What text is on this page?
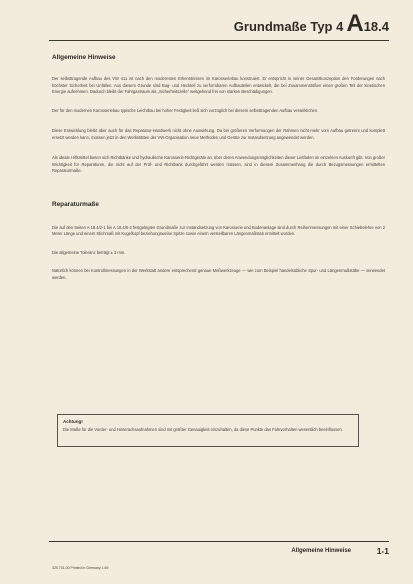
Grundmaße Typ 4 A 18.4

Allgemeine Hinweise

Der selbsttragende Aufbau des VW 411 ist nach den modernsten Erkenntnissen im Karosseriebau konstruiert. Er entspricht in seiner Gesamtkonzeption den Forderungen nach höchster Sicherheit bei Unfällen. Aus diesem Grunde sind Bug- und Heckteil zu verformbaren Aufbauteilen entwickelt, die bei Zusammenstößen einen großen Teil der kinetischen Energie aufnehmen. Dadurch bleibt der Fahrgastraum als „Sicherheitszelle“ weitgehend frei von starken Beschädigungen.

Der für den modernen Karosseriebau typische Leichtbau bei hoher Festigkeit ließ sich vorzüglich bei diesem selbsttragenden Aufbau verwirklichen.

Diese Entwicklung bleibt aber auch für das Reparatur-Handwerk nicht ohne Auswirkung. Da bei größeren Verformungen der Rahmen nicht mehr vom Aufbau getrennt und komplett ersetzt werden kann, müssen jetzt in den Werkstätten der VW-Organisation neue Methoden und Geräte zur Instandsetzung angewendet werden.

Als idealе Hilfsmittel bieten sich Richtbänke und hydraulische Karosserie-Richtgeräte an, über deren Anwendungsmöglichkeiten dieser Leitfaden im einzelnen Auskunft gibt. Von großer Wichtigkeit für Reparaturen, die nicht auf der Prüf- und Richtbank durchgeführt werden müssen, sind in diesem Zusammenhang die durch Bezugsmessungen ermittelten Reparaturmaße.

Reparaturmaße

Die auf den Seiten A 18.4/2-1 bis A 18.4/5-2 festgelegten Grundmaße zur Instandsetzung von Karosserie und Bodenanlage sind durch Reihenmessungen mit einer Schiebelehre von 2 Meter Länge und einem Stichmaß mit Kugelkopf beziehungsweise Spitze sowie einem verstellbaren Längenmaßstab ermittelt worden.

Die allgemeine Toleranz beträgt ± 3 mm.

Natürlich können bei Kontrollmessungen in der Werkstatt andere entsprechend genaue Meßwerkzeuge — wie zum Beispiel handelsübliche Spur- und Längenmaßstäbe — verwendet werden.

Achtung!

Die Maße für die Vorder- und Hinterachsaufnahmen sind mit größter Genauigkeit einzuhalten, da diese Punkte das Fahrverhalten wesentlich beeinflussen.

Allgemeine Hinweise	1-1
320.701.00 Printed in Germany 1.69
